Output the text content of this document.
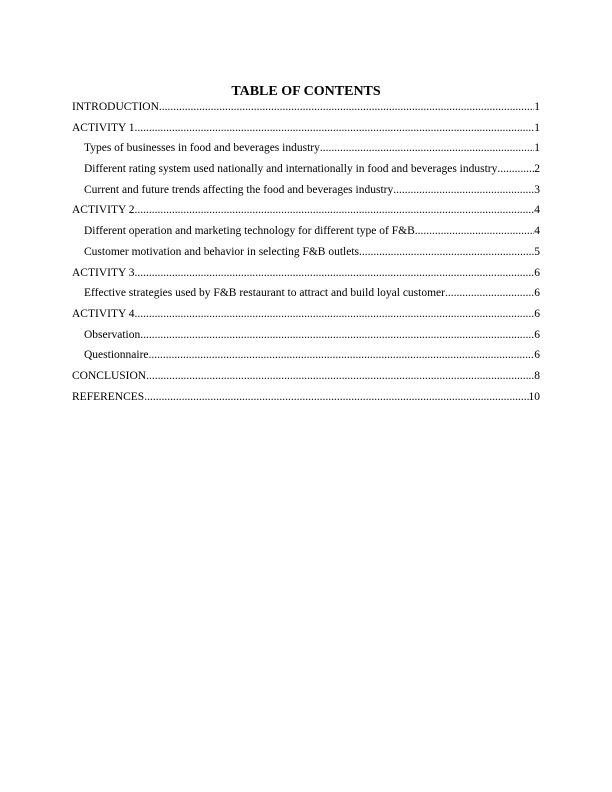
TABLE OF CONTENTS
INTRODUCTION .....	1
ACTIVITY 1 .....	1
Types of businesses in food and beverages industry .....	1
Different rating system used nationally and internationally in food and beverages industry .....	2
Current and future trends affecting the food and beverages industry .....	3
ACTIVITY 2 .....	4
Different operation and marketing technology for different type of F&B .....	4
Customer motivation and behavior in selecting F&B outlets .....	5
ACTIVITY 3 .....	6
Effective strategies used by F&B restaurant to attract and build loyal customer .....	6
ACTIVITY 4 .....	6
Observation .....	6
Questionnaire .....	6
CONCLUSION .....	8
REFERENCES .....	10
